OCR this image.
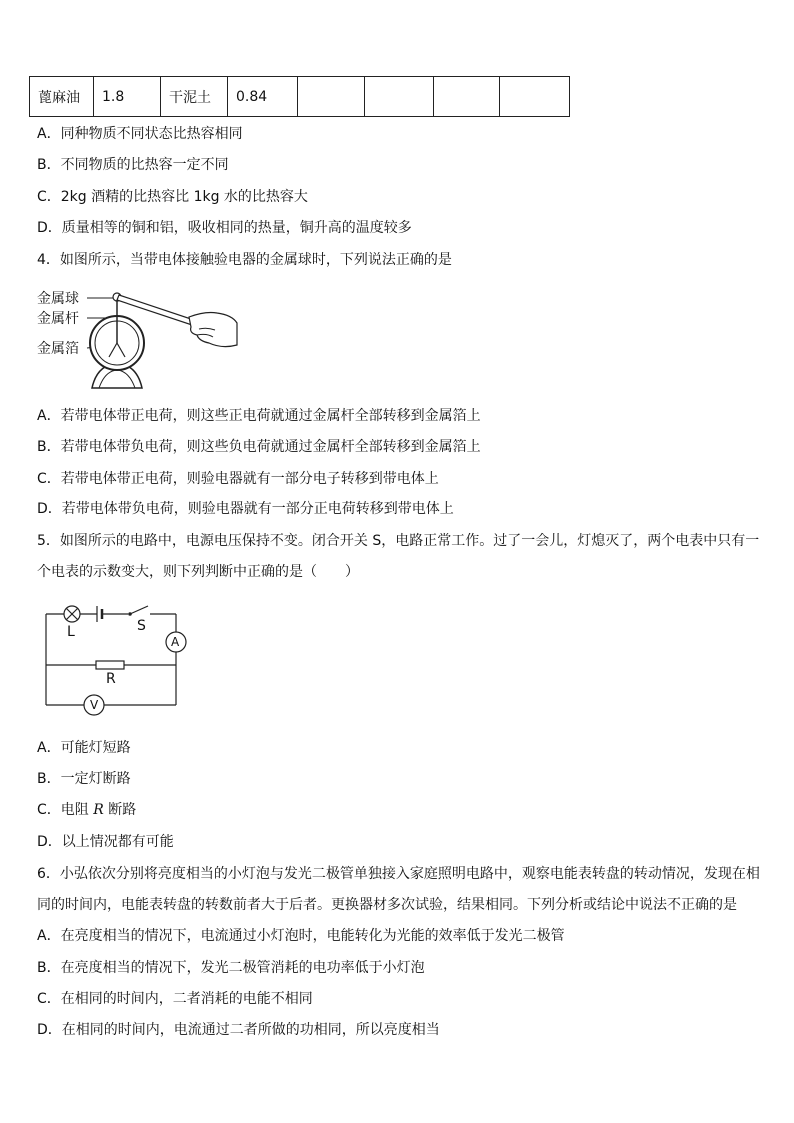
蓖麻油	1.8	干泥土	0.84				
A．同种物质不同状态比热容相同
B．不同物质的比热容一定不同
C．2kg 酒精的比热容比 1kg 水的比热容大
D．质量相等的铜和铝，吸收相同的热量，铜升高的温度较多
4．如图所示，当带电体接触验电器的金属球时，下列说法正确的是
金属球
金属杆
金属箔
A．若带电体带正电荷，则这些正电荷就通过金属杆全部转移到金属箔上
B．若带电体带负电荷，则这些负电荷就通过金属杆全部转移到金属箔上
C．若带电体带正电荷，则验电器就有一部分电子转移到带电体上
D．若带电体带负电荷，则验电器就有一部分正电荷转移到带电体上
5．如图所示的电路中，电源电压保持不变。闭合开关 S，电路正常工作。过了一会儿，灯熄灭了，两个电表中只有一
个电表的示数变大，则下列判断中正确的是（　　）
L	S
A
R
V
A．可能灯短路
B．一定灯断路
C．电阻 R 断路
D．以上情况都有可能
6．小弘依次分别将亮度相当的小灯泡与发光二极管单独接入家庭照明电路中，观察电能表转盘的转动情况，发现在相
同的时间内，电能表转盘的转数前者大于后者。更换器材多次试验，结果相同。下列分析或结论中说法不正确的是
A．在亮度相当的情况下，电流通过小灯泡时，电能转化为光能的效率低于发光二极管
B．在亮度相当的情况下，发光二极管消耗的电功率低于小灯泡
C．在相同的时间内，二者消耗的电能不相同
D．在相同的时间内，电流通过二者所做的功相同，所以亮度相当
